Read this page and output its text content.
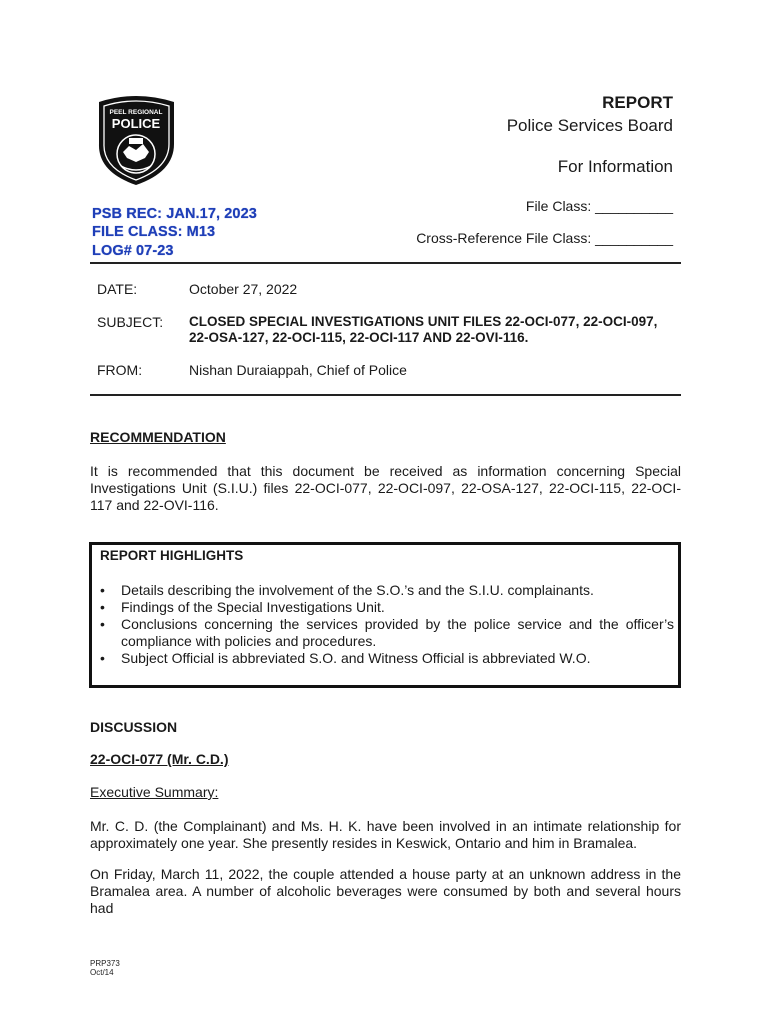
PEEL REGIONAL
POLICE
REPORT
Police Services Board
For Information
File Class: __________
Cross-Reference File Class: __________
PSB REC: JAN.17, 2023
FILE CLASS: M13
LOG# 07-23
DATE:	October 27, 2022
SUBJECT: CLOSED SPECIAL INVESTIGATIONS UNIT FILES 22-OCI-077, 22-OCI-097,
22-OSA-127, 22-OCI-115, 22-OCI-117 AND 22-OVI-116.
FROM:	Nishan Duraiappah, Chief of Police
RECOMMENDATION
It is recommended that this document be received as information concerning Special Investigations Unit (S.I.U.) files 22-OCI-077, 22-OCI-097, 22-OSA-127, 22-OCI-115, 22-OCI-117 and 22-OVI-116.
REPORT HIGHLIGHTS
• Details describing the involvement of the S.O.’s and the S.I.U. complainants.
• Findings of the Special Investigations Unit.
• Conclusions concerning the services provided by the police service and the officer’s compliance with policies and procedures.
• Subject Official is abbreviated S.O. and Witness Official is abbreviated W.O.
DISCUSSION
22-OCI-077 (Mr. C.D.)
Executive Summary:
Mr. C. D. (the Complainant) and Ms. H. K. have been involved in an intimate relationship for approximately one year. She presently resides in Keswick, Ontario and him in Bramalea.
On Friday, March 11, 2022, the couple attended a house party at an unknown address in the Bramalea area. A number of alcoholic beverages were consumed by both and several hours had
PRP373
Oct/14
